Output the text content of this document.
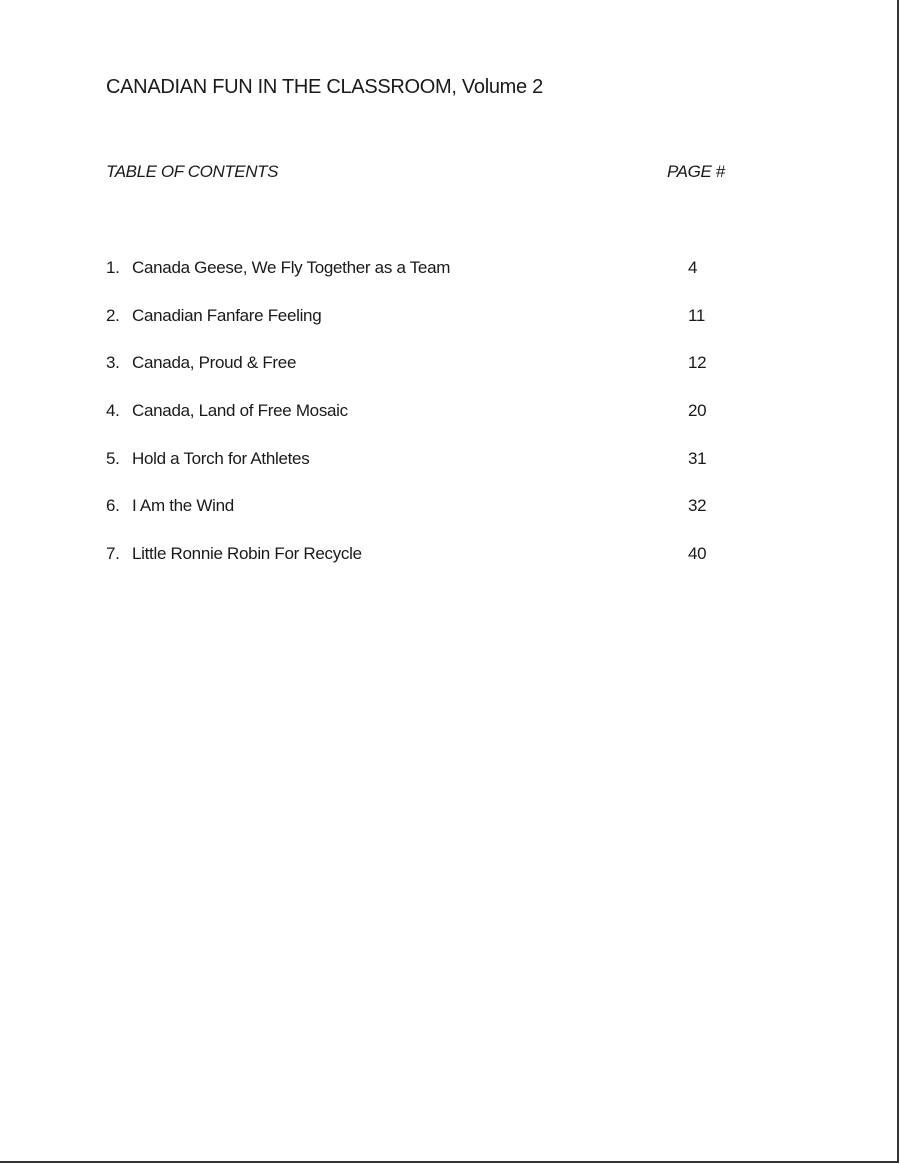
CANADIAN FUN IN THE CLASSROOM, Volume 2
TABLE OF CONTENTS	PAGE #
1. Canada Geese, We Fly Together as a Team	4
2. Canadian Fanfare Feeling	11
3. Canada, Proud & Free	12
4. Canada, Land of Free Mosaic	20
5. Hold a Torch for Athletes	31
6. I Am the Wind	32
7. Little Ronnie Robin For Recycle	40
